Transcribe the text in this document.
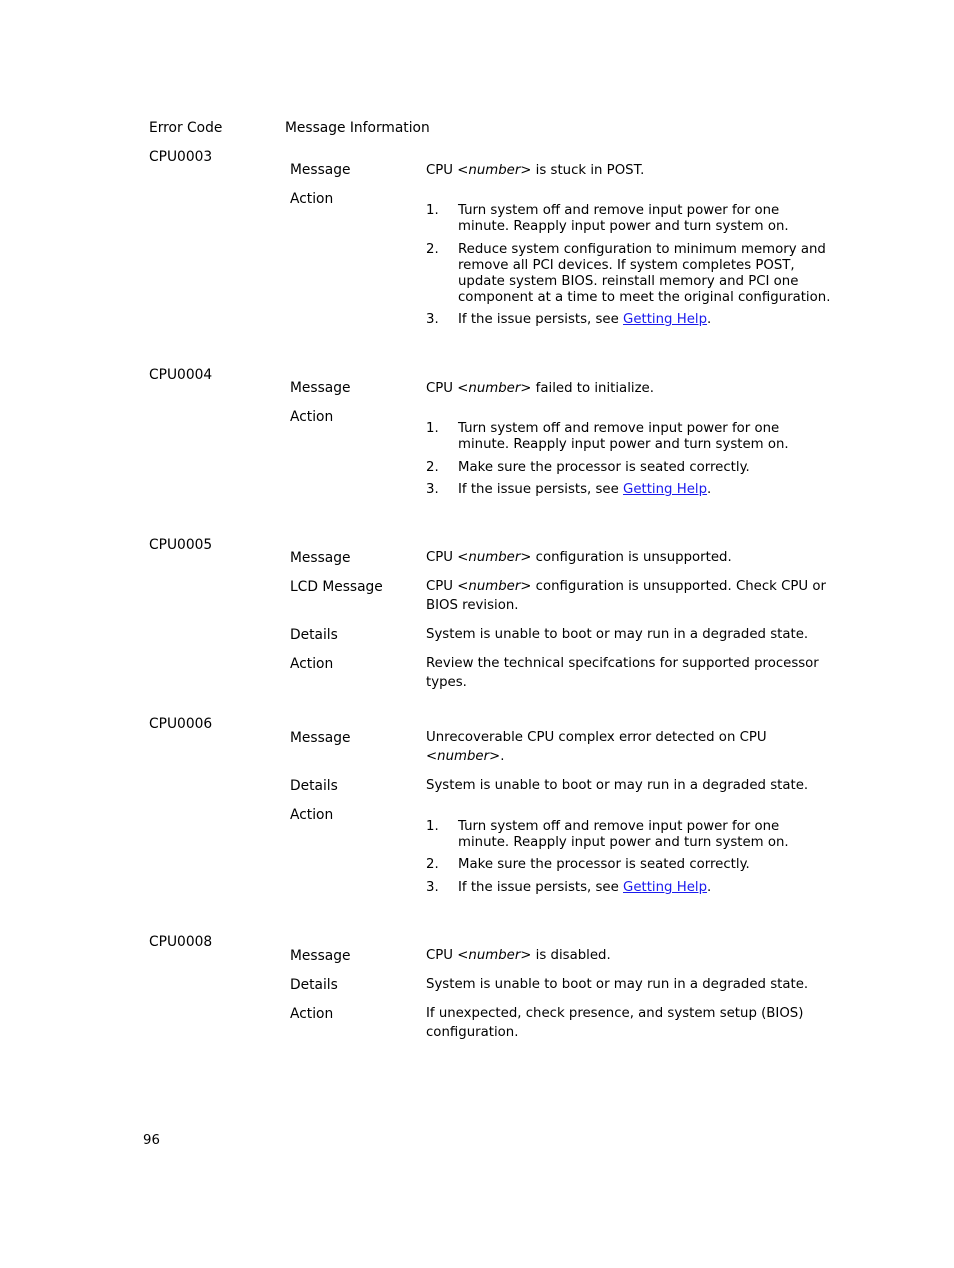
Error Code	Message Information
CPU0003
Message	CPU <number> is stuck in POST.
Action
1. Turn system off and remove input power for one minute. Reapply input power and turn system on.
2. Reduce system configuration to minimum memory and remove all PCI devices. If system completes POST, update system BIOS. reinstall memory and PCI one component at a time to meet the original configuration.
3. If the issue persists, see Getting Help.
CPU0004
Message	CPU <number> failed to initialize.
Action
1. Turn system off and remove input power for one minute. Reapply input power and turn system on.
2. Make sure the processor is seated correctly.
3. If the issue persists, see Getting Help.
CPU0005
Message	CPU <number> configuration is unsupported.
LCD Message	CPU <number> configuration is unsupported. Check CPU or BIOS revision.
Details	System is unable to boot or may run in a degraded state.
Action	Review the technical specifcations for supported processor types.
CPU0006
Message	Unrecoverable CPU complex error detected on CPU <number>.
Details	System is unable to boot or may run in a degraded state.
Action
1. Turn system off and remove input power for one minute. Reapply input power and turn system on.
2. Make sure the processor is seated correctly.
3. If the issue persists, see Getting Help.
CPU0008
Message	CPU <number> is disabled.
Details	System is unable to boot or may run in a degraded state.
Action	If unexpected, check presence, and system setup (BIOS) configuration.
96
